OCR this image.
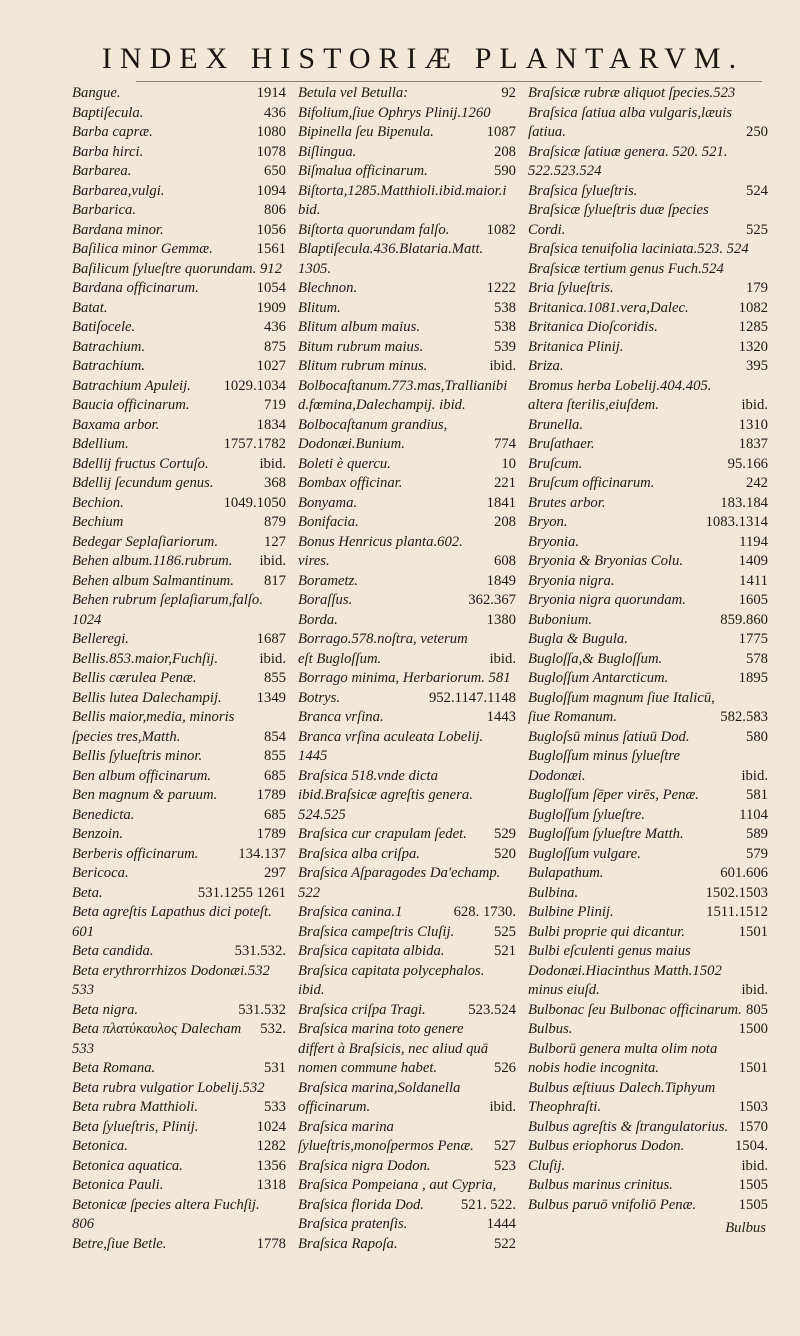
INDEX HISTORIÆ PLANTARVM.
Bangue.	1914
Baptiſecula.	436
Barba capræ.	1080
Barba hirci.	1078
Barbarea.	650
Barbarea,vulgi.	1094
Barbarica.	806
Bardana minor.	1056
Baſilica minor Gemmæ.	1561
Baſilicum ſylueſtre quorundam. 912
Bardana officinarum.	1054
Batat.	1909
Batiſocele.	436
Batrachium.	875
Batrachium.	1027
Batrachium Apuleij.	1029.1034
Baucia officinarum.	719
Baxama arbor.	1834
Bdellium.	1757.1782
Bdellij fructus Cortuſo.	ibid.
Bdellij ſecundum genus.	368
Bechion.	1049.1050
Bechium	879
Bedegar Seplaſiariorum.	127
Behen album.1186.rubrum.	ibid.
Behen album Salmantinum.	817
Behen rubrum ſeplaſiarum,falſo. 1024
Belleregi.	1687
Bellis.853.maior,Fuchſij.	ibid.
Bellis cærulea Penæ.	855
Bellis lutea Dalechampij.	1349
Bellis maior,media, minoris ſpecies tres,Matth.	854
Bellis ſylueſtris minor.	855
Ben album officinarum.	685
Ben magnum & paruum.	1789
Benedicta.	685
Benzoin.	1789
Berberis officinarum.	134.137
Bericoca.	297
Beta.	531.1255 1261
Beta agreſtis Lapathus dici poteſt. 601
Beta candida.	531.532.
Beta erythrorrhizos Dodonæi.532 533
Beta nigra.	531.532
Beta πλατύκαυλος Dalecham	532.
533
Beta Romana.	531
Beta rubra vulgatior Lobelij.532
Beta rubra Matthioli.	533
Beta ſylueſtris, Plinij.	1024
Betonica.	1282
Betonica aquatica.	1356
Betonica Pauli.	1318
Betonicæ ſpecies altera Fuchſij. 806
Betre,ſiue Betle.	1778
Betula vel Betulla:	92
Bifolium,ſiue Ophrys Plinij.1260
Bipinella ſeu Bipenula.	1087
Biſlingua.	208
Biſmalua officinarum.	590
Biſtorta,1285.Matthioli.ibid.maior.ibid.
Biſtorta quorundam falſo.	1082
Blaptiſecula.436.Blataria.Matt. 1305.
Blechnon.	1222
Blitum.	538
Blitum album maius.	538
Bitum rubrum maius.	539
Blitum rubrum minus.	ibid.
Bolbocaſtanum.773.mas,Trallianibid.fœmina,Dalechampij. ibid.
Bolbocaſtanum grandius, Dodonæi.Bunium.	774
Boleti è quercu.	10
Bombax officinar.	221
Bonyama.	1841
Bonifacia.	208
Bonus Henricus planta.602. vires.	608
Borametz.	1849
Boraſſus.	362.367
Borda.	1380
Borrago.578.noſtra, veterum eſt Bugloſſum.	ibid.
Borrago minima, Herbariorum. 581
Botrys.	952.1147.1148
Branca vrſina.	1443
Branca vrſina aculeata Lobelij. 1445
Braſsica 518.vnde dicta ibid.Braſsicæ agreſtis genera. 524.525
Braſsica cur crapulam ſedet.	529
Braſsica alba criſpa.	520
Braſsica Aſparagodes Da'echamp. 522
Braſsica canina.1	628. 1730.
Braſsica campeſtris Cluſij.	525
Braſsica capitata albida.	521
Braſsica capitata polycephalos. ibid.
Braſsica criſpa Tragi.	523.524
Braſsica marina toto genere differt à Braſsicis, nec aliud quā nomen commune habet.	526
Braſsica marina,Soldanella officinarum.	ibid.
Braſsica marina ſylueſtris,monoſpermos Penæ.	527
Braſsica nigra Dodon.	523
Braſsica Pompeiana , aut Cypria,
Braſsica florida Dod.	521. 522.
Braſsica pratenſis.	1444
Braſsica Rapoſa.	522
Braſsicæ rubræ aliquot ſpecies.523
Braſsica ſatiua alba vulgaris,læuis ſatiua.	250
Braſsicæ ſatiuæ genera. 520. 521. 522.523.524
Braſsica ſylueſtris.	524
Braſsicæ ſylueſtris duæ ſpecies Cordi.	525
Braſsica tenuifolia laciniata.523. 524
Braſsicæ tertium genus Fuch.524
Bria ſylueſtris.	179
Britanica.1081.vera,Dalec.	1082
Britanica Dioſcoridis.	1285
Britanica Plinij.	1320
Briza.	395
Bromus herba Lobelij.404.405. altera ſterilis,eiuſdem.	ibid.
Brunella.	1310
Bruſathaer.	1837
Bruſcum.	95.166
Bruſcum officinarum.	242
Brutes arbor.	183.184
Bryon.	1083.1314
Bryonia.	1194
Bryonia & Bryonias Colu.	1409
Bryonia nigra.	1411
Bryonia nigra quorundam.	1605
Bubonium.	859.860
Bugla & Bugula.	1775
Bugloſſa,& Bugloſſum.	578
Bugloſſum Antarcticum.	1895
Bugloſſum magnum ſiue Italicū, ſiue Romanum.	582.583
Bugloſsū minus ſatiuū Dod.	580
Bugloſſum minus ſylueſtre Dodonæi.	ibid.
Bugloſſum ſēper virēs, Penæ.	581
Bugloſſum ſylueſtre.	1104
Bugloſſum ſylueſtre Matth.	589
Bugloſſum vulgare.	579
Bulapathum.	601.606
Bulbina.	1502.1503
Bulbine Plinij.	1511.1512
Bulbi proprie qui dicantur.	1501
Bulbi eſculenti genus maius Dodonæi.Hiacinthus Matth.1502 minus eiuſd.	ibid.
Bulbonac ſeu Bulbonac officinarum. 805
Bulbus.	1500
Bulborū genera multa olim nota nobis hodie incognita.	1501
Bulbus æſtiuus Dalech.Tiphyum Theophraſti.	1503
Bulbus agreſtis & ſtrangulatorius. 1570
Bulbus eriophorus Dodon.	1504.
Cluſij.	ibid.
Bulbus marinus crinitus.	1505
Bulbus paruō vnifoliō Penæ.	1505
Bulbus
